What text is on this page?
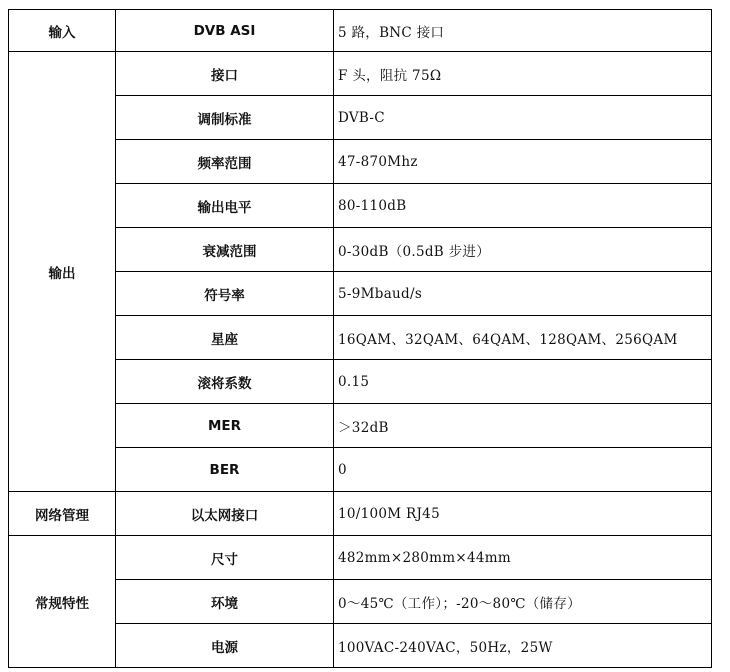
输入	DVB ASI	5 路，BNC 接口
输出	接口	F 头，阻抗 75Ω
	调制标准	DVB-C
	频率范围	47-870Mhz
	输出电平	80-110dB
	衰减范围	0-30dB（0.5dB 步进）
	符号率	5-9Mbaud/s
	星座	16QAM、32QAM、64QAM、128QAM、256QAM
	滚将系数	0.15
	MER	＞32dB
	BER	0
网络管理	以太网接口	10/100M RJ45
常规特性	尺寸	482mm×280mm×44mm
	环境	0～45℃（工作）；-20～80℃（储存）
	电源	100VAC-240VAC，50Hz，25W
